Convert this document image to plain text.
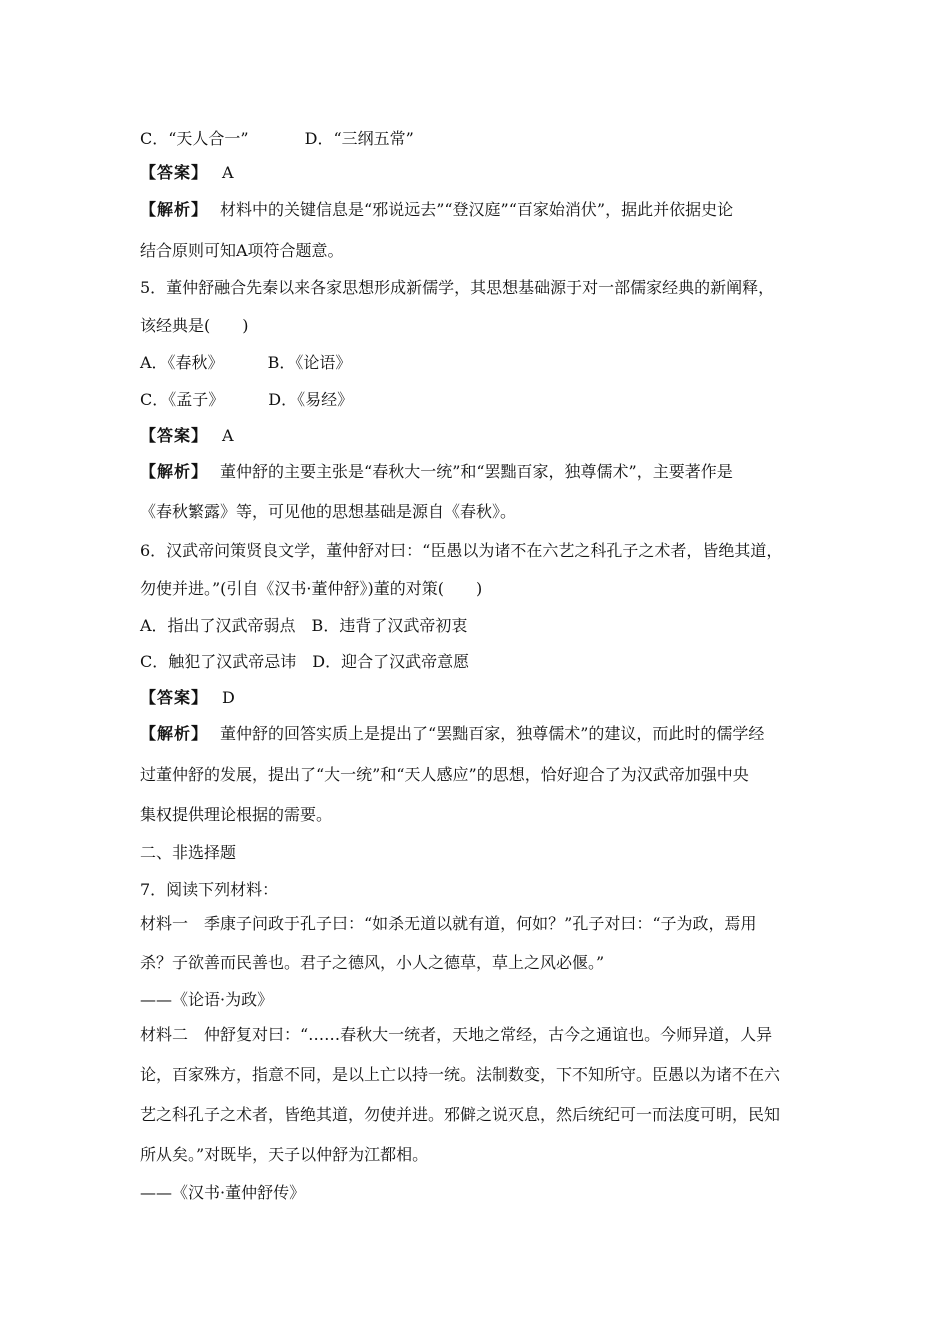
C．“天人合一”	D．“三纲五常”
【答案】 A
【解析】 材料中的关键信息是“邪说远去”“登汉庭”“百家始消伏”，据此并依据史论
结合原则可知A项符合题意。
5．董仲舒融合先秦以来各家思想形成新儒学，其思想基础源于对一部儒家经典的新阐释，
该经典是(　　)
A．《春秋》	B．《论语》
C．《孟子》	D．《易经》
【答案】 A
【解析】 董仲舒的主要主张是“春秋大一统”和“罢黜百家，独尊儒术”，主要著作是
《春秋繁露》等，可见他的思想基础是源自《春秋》。
6．汉武帝问策贤良文学，董仲舒对曰：“臣愚以为诸不在六艺之科孔子之术者，皆绝其道，
勿使并进。”(引自《汉书·董仲舒》)董的对策(　　)
A．指出了汉武帝弱点　B．违背了汉武帝初衷
C．触犯了汉武帝忌讳　D．迎合了汉武帝意愿
【答案】 D
【解析】 董仲舒的回答实质上是提出了“罢黜百家，独尊儒术”的建议，而此时的儒学经
过董仲舒的发展，提出了“大一统”和“天人感应”的思想，恰好迎合了为汉武帝加强中央
集权提供理论根据的需要。
二、非选择题
7．阅读下列材料：
材料一　季康子问政于孔子曰：“如杀无道以就有道，何如？”孔子对曰：“子为政，焉用
杀？子欲善而民善也。君子之德风，小人之德草，草上之风必偃。”
——《论语·为政》
材料二　仲舒复对曰：“……春秋大一统者，天地之常经，古今之通谊也。今师异道，人异
论，百家殊方，指意不同，是以上亡以持一统。法制数变，下不知所守。臣愚以为诸不在六
艺之科孔子之术者，皆绝其道，勿使并进。邪僻之说灭息，然后统纪可一而法度可明，民知
所从矣。”对既毕，天子以仲舒为江都相。
——《汉书·董仲舒传》
